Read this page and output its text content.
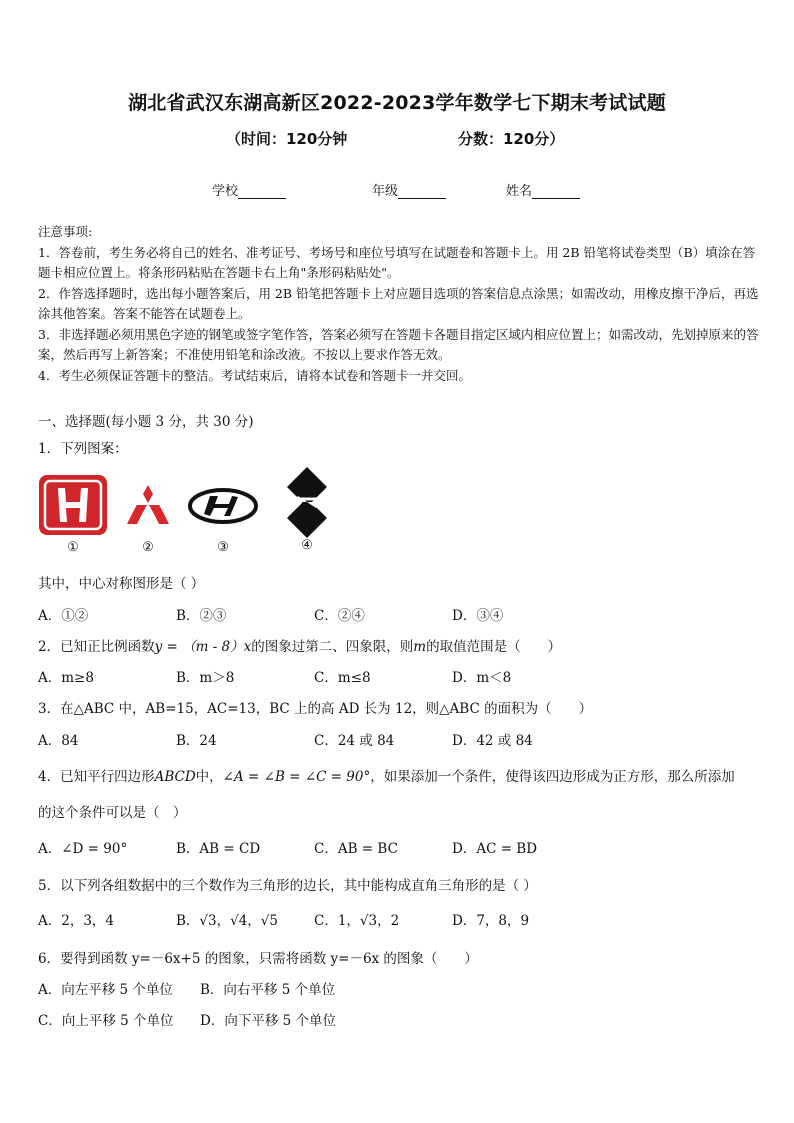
湖北省武汉东湖高新区2022-2023学年数学七下期末考试试题
（时间：120分钟	分数：120分）
学校	年级	姓名
注意事项:
1．答卷前，考生务必将自己的姓名、准考证号、考场号和座位号填写在试题卷和答题卡上。用 2B 铅笔将试卷类型（B）填涂在答题卡相应位置上。将条形码粘贴在答题卡右上角"条形码粘贴处"。
2．作答选择题时，选出每小题答案后，用 2B 铅笔把答题卡上对应题目选项的答案信息点涂黑；如需改动，用橡皮擦干净后，再选涂其他答案。答案不能答在试题卷上。
3．非选择题必须用黑色字迹的钢笔或签字笔作答，答案必须写在答题卡各题目指定区域内相应位置上；如需改动，先划掉原来的答案，然后再写上新答案；不准使用铅笔和涂改液。不按以上要求作答无效。
4．考生必须保证答题卡的整洁。考试结束后，请将本试卷和答题卡一并交回。
一、选择题(每小题 3 分，共 30 分)
1．下列图案：
①	②	③	④
其中，中心对称图形是（ ）
A．①②	B．②③	C．②④	D．③④
2．已知正比例函数y = （m - 8）x的图象过第二、四象限，则m的取值范围是（　　）
A．m≥8	B．m＞8	C．m≤8	D．m＜8
3．在△ABC 中，AB=15，AC=13，BC 上的高 AD 长为 12，则△ABC 的面积为（　　）
A．84	B．24	C．24 或 84	D．42 或 84
4．已知平行四边形ABCD中，∠A = ∠B = ∠C = 90°，如果添加一个条件，使得该四边形成为正方形，那么所添加
的这个条件可以是（　）
A．∠D = 90°	B．AB = CD	C．AB = BC	D．AC = BD
5．以下列各组数据中的三个数作为三角形的边长，其中能构成直角三角形的是（ ）
A．2，3，4	B．√3，√4，√5	C．1，√3，2	D．7，8，9
6．要得到函数 y=－6x+5 的图象，只需将函数 y=－6x 的图象（　　）
A．向左平移 5 个单位 B．向右平移 5 个单位
C．向上平移 5 个单位 D．向下平移 5 个单位
